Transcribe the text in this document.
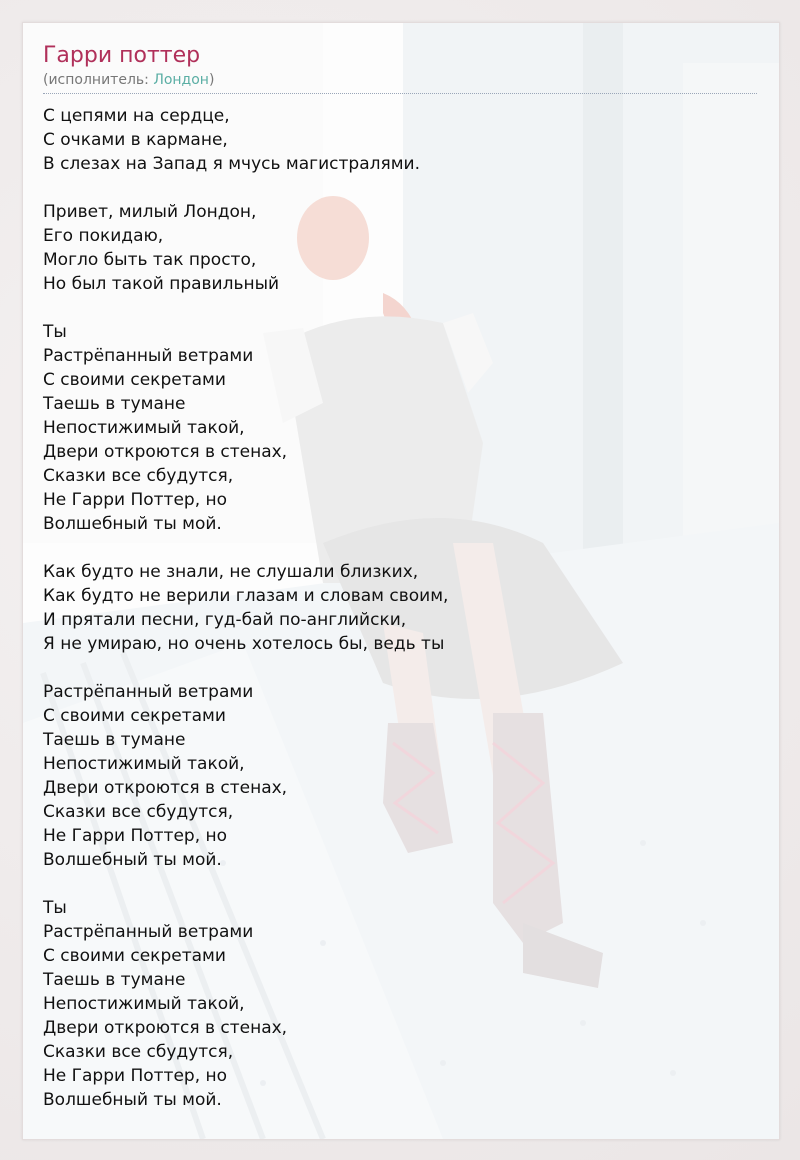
Гарри поттер
(исполнитель: Лондон)
С цепями на сердце,
С очками в кармане,
В слезах на Запад я мчусь магистралями.
Привет, милый Лондон,
Его покидаю,
Могло быть так просто,
Но был такой правильный
Ты
Растрёпанный ветрами
С своими секретами
Таешь в тумане
Непостижимый такой,
Двери откроются в стенах,
Сказки все сбудутся,
Не Гарри Поттер, но
Волшебный ты мой.
Как будто не знали, не слушали близких,
Как будто не верили глазам и словам своим,
И прятали песни, гуд-бай по-английски,
Я не умираю, но очень хотелось бы, ведь ты
Растрёпанный ветрами
С своими секретами
Таешь в тумане
Непостижимый такой,
Двери откроются в стенах,
Сказки все сбудутся,
Не Гарри Поттер, но
Волшебный ты мой.
Ты
Растрёпанный ветрами
С своими секретами
Таешь в тумане
Непостижимый такой,
Двери откроются в стенах,
Сказки все сбудутся,
Не Гарри Поттер, но
Волшебный ты мой.
